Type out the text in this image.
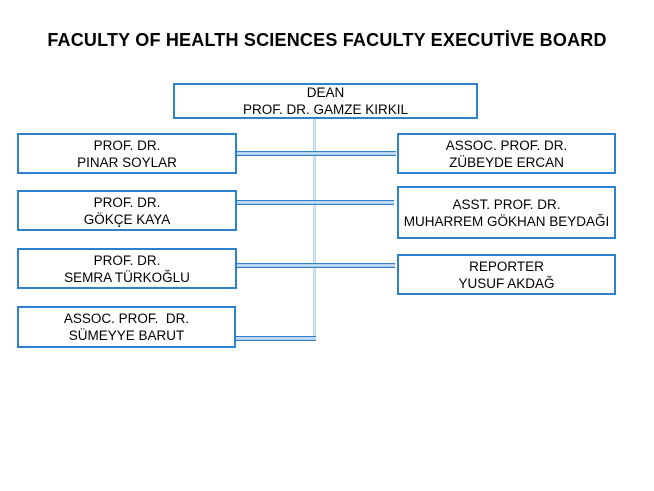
FACULTY OF HEALTH SCIENCES FACULTY EXECUTİVE BOARD
DEAN
PROF. DR. GAMZE KIRKIL
PROF. DR.
PINAR SOYLAR
PROF. DR.
GÖKÇE KAYA
PROF. DR.
SEMRA TÜRKOĞLU
ASSOC. PROF.  DR.
SÜMEYYE BARUT
ASSOC. PROF. DR.
ZÜBEYDE ERCAN
ASST. PROF. DR.
MUHARREM GÖKHAN BEYDAĞI
REPORTER
YUSUF AKDAĞ
